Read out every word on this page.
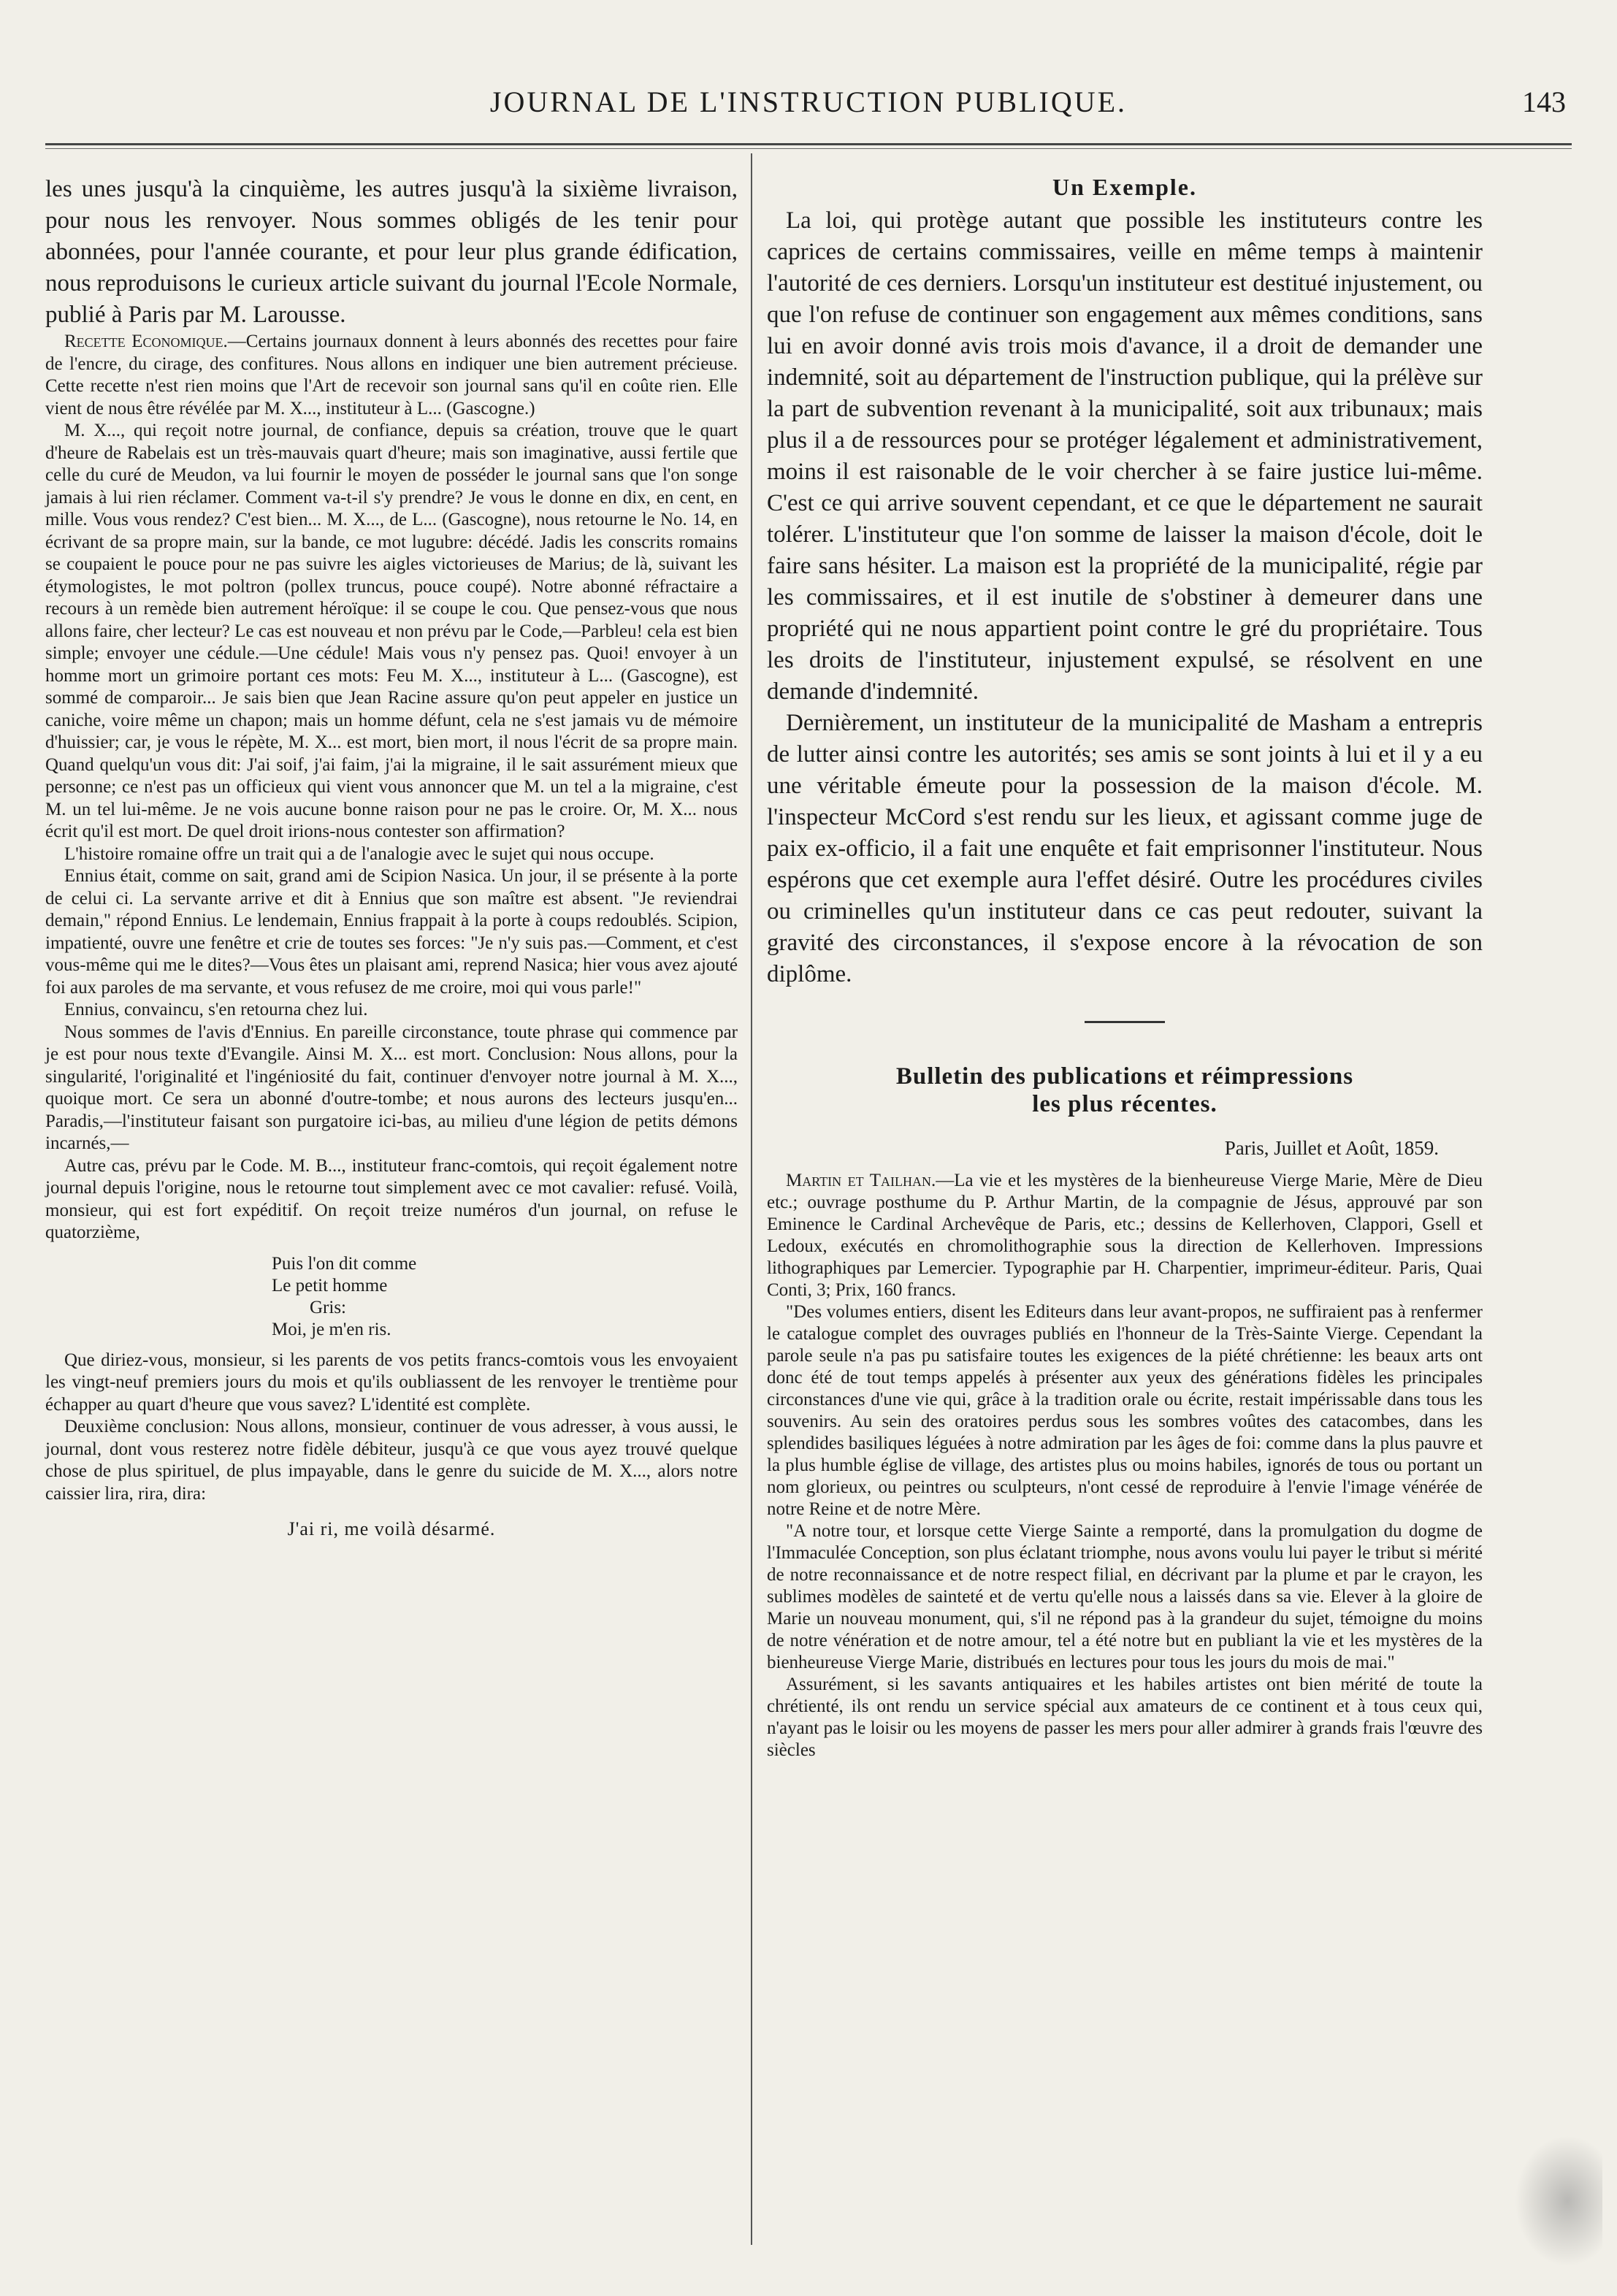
JOURNAL DE L'INSTRUCTION PUBLIQUE.	143

les unes jusqu'à la cinquième, les autres jusqu'à la sixième livraison, pour nous les renvoyer. Nous sommes obligés de les tenir pour abonnées, pour l'année courante, et pour leur plus grande édification, nous reproduisons le curieux article suivant du journal l'Ecole Normale, publié à Paris par M. Larousse.

Recette Economique.—Certains journaux donnent à leurs abonnés des recettes pour faire de l'encre, du cirage, des confitures. Nous allons en indiquer une bien autrement précieuse. Cette recette n'est rien moins que l'Art de recevoir son journal sans qu'il en coûte rien. Elle vient de nous être révélée par M. X..., instituteur à L... (Gascogne.)

M. X..., qui reçoit notre journal, de confiance, depuis sa création, trouve que le quart d'heure de Rabelais est un très-mauvais quart d'heure; mais son imaginative, aussi fertile que celle du curé de Meudon, va lui fournir le moyen de posséder le journal sans que l'on songe jamais à lui rien réclamer. Comment va-t-il s'y prendre? Je vous le donne en dix, en cent, en mille. Vous vous rendez? C'est bien... M. X..., de L... (Gascogne), nous retourne le No. 14, en écrivant de sa propre main, sur la bande, ce mot lugubre: décédé. Jadis les conscrits romains se coupaient le pouce pour ne pas suivre les aigles victorieuses de Marius; de là, suivant les étymologistes, le mot poltron (pollex truncus, pouce coupé). Notre abonné réfractaire a recours à un remède bien autrement héroïque: il se coupe le cou. Que pensez-vous que nous allons faire, cher lecteur? Le cas est nouveau et non prévu par le Code,—Parbleu! cela est bien simple; envoyer une cédule.—Une cédule! Mais vous n'y pensez pas. Quoi! envoyer à un homme mort un grimoire portant ces mots: Feu M. X..., instituteur à L... (Gascogne), est sommé de comparoir... Je sais bien que Jean Racine assure qu'on peut appeler en justice un caniche, voire même un chapon; mais un homme défunt, cela ne s'est jamais vu de mémoire d'huissier; car, je vous le répète, M. X... est mort, bien mort, il nous l'écrit de sa propre main. Quand quelqu'un vous dit: J'ai soif, j'ai faim, j'ai la migraine, il le sait assurément mieux que personne; ce n'est pas un officieux qui vient vous annoncer que M. un tel a la migraine, c'est M. un tel lui-même. Je ne vois aucune bonne raison pour ne pas le croire. Or, M. X... nous écrit qu'il est mort. De quel droit irions-nous contester son affirmation?

L'histoire romaine offre un trait qui a de l'analogie avec le sujet qui nous occupe.

Ennius était, comme on sait, grand ami de Scipion Nasica. Un jour, il se présente à la porte de celui ci. La servante arrive et dit à Ennius que son maître est absent. "Je reviendrai demain," répond Ennius. Le lendemain, Ennius frappait à la porte à coups redoublés. Scipion, impatienté, ouvre une fenêtre et crie de toutes ses forces: "Je n'y suis pas.—Comment, et c'est vous-même qui me le dites?—Vous êtes un plaisant ami, reprend Nasica; hier vous avez ajouté foi aux paroles de ma servante, et vous refusez de me croire, moi qui vous parle!"

Ennius, convaincu, s'en retourna chez lui.

Nous sommes de l'avis d'Ennius. En pareille circonstance, toute phrase qui commence par je est pour nous texte d'Evangile. Ainsi M. X... est mort. Conclusion: Nous allons, pour la singularité, l'originalité et l'ingéniosité du fait, continuer d'envoyer notre journal à M. X..., quoique mort. Ce sera un abonné d'outre-tombe; et nous aurons des lecteurs jusqu'en... Paradis,—l'instituteur faisant son purgatoire ici-bas, au milieu d'une légion de petits démons incarnés,—

Autre cas, prévu par le Code. M. B..., instituteur franc-comtois, qui reçoit également notre journal depuis l'origine, nous le retourne tout simplement avec ce mot cavalier: refusé. Voilà, monsieur, qui est fort expéditif. On reçoit treize numéros d'un journal, on refuse le quatorzième,

Puis l'on dit comme
Le petit homme
Gris:
Moi, je m'en ris.

Que diriez-vous, monsieur, si les parents de vos petits francs-comtois vous les envoyaient les vingt-neuf premiers jours du mois et qu'ils oubliassent de les renvoyer le trentième pour échapper au quart d'heure que vous savez? L'identité est complète.

Deuxième conclusion: Nous allons, monsieur, continuer de vous adresser, à vous aussi, le journal, dont vous resterez notre fidèle débiteur, jusqu'à ce que vous ayez trouvé quelque chose de plus spirituel, de plus impayable, dans le genre du suicide de M. X..., alors notre caissier lira, rira, dira:

J'ai ri, me voilà désarmé.
Un Exemple.

La loi, qui protège autant que possible les instituteurs contre les caprices de certains commissaires, veille en même temps à maintenir l'autorité de ces derniers. Lorsqu'un instituteur est destitué injustement, ou que l'on refuse de continuer son engagement aux mêmes conditions, sans lui en avoir donné avis trois mois d'avance, il a droit de demander une indemnité, soit au département de l'instruction publique, qui la prélève sur la part de subvention revenant à la municipalité, soit aux tribunaux; mais plus il a de ressources pour se protéger légalement et administrativement, moins il est raisonable de le voir chercher à se faire justice lui-même. C'est ce qui arrive souvent cependant, et ce que le département ne saurait tolérer. L'instituteur que l'on somme de laisser la maison d'école, doit le faire sans hésiter. La maison est la propriété de la municipalité, régie par les commissaires, et il est inutile de s'obstiner à demeurer dans une propriété qui ne nous appartient point contre le gré du propriétaire. Tous les droits de l'instituteur, injustement expulsé, se résolvent en une demande d'indemnité.

Dernièrement, un instituteur de la municipalité de Masham a entrepris de lutter ainsi contre les autorités; ses amis se sont joints à lui et il y a eu une véritable émeute pour la possession de la maison d'école. M. l'inspecteur McCord s'est rendu sur les lieux, et agissant comme juge de paix ex-officio, il a fait une enquête et fait emprisonner l'instituteur. Nous espérons que cet exemple aura l'effet désiré. Outre les procédures civiles ou criminelles qu'un instituteur dans ce cas peut redouter, suivant la gravité des circonstances, il s'expose encore à la révocation de son diplôme.

Bulletin des publications et réimpressions
les plus récentes.
Paris, Juillet et Août, 1859.

Martin et Tailhan.—La vie et les mystères de la bienheureuse Vierge Marie, Mère de Dieu etc.; ouvrage posthume du P. Arthur Martin, de la compagnie de Jésus, approuvé par son Eminence le Cardinal Archevêque de Paris, etc.; dessins de Kellerhoven, Clappori, Gsell et Ledoux, exécutés en chromolithographie sous la direction de Kellerhoven. Impressions lithographiques par Lemercier. Typographie par H. Charpentier, imprimeur-éditeur. Paris, Quai Conti, 3; Prix, 160 francs.

"Des volumes entiers, disent les Editeurs dans leur avant-propos, ne suffiraient pas à renfermer le catalogue complet des ouvrages publiés en l'honneur de la Très-Sainte Vierge. Cependant la parole seule n'a pas pu satisfaire toutes les exigences de la piété chrétienne: les beaux arts ont donc été de tout temps appelés à présenter aux yeux des générations fidèles les principales circonstances d'une vie qui, grâce à la tradition orale ou écrite, restait impérissable dans tous les souvenirs. Au sein des oratoires perdus sous les sombres voûtes des catacombes, dans les splendides basiliques léguées à notre admiration par les âges de foi: comme dans la plus pauvre et la plus humble église de village, des artistes plus ou moins habiles, ignorés de tous ou portant un nom glorieux, ou peintres ou sculpteurs, n'ont cessé de reproduire à l'envie l'image vénérée de notre Reine et de notre Mère.

"A notre tour, et lorsque cette Vierge Sainte a remporté, dans la promulgation du dogme de l'Immaculée Conception, son plus éclatant triomphe, nous avons voulu lui payer le tribut si mérité de notre reconnaissance et de notre respect filial, en décrivant par la plume et par le crayon, les sublimes modèles de sainteté et de vertu qu'elle nous a laissés dans sa vie. Elever à la gloire de Marie un nouveau monument, qui, s'il ne répond pas à la grandeur du sujet, témoigne du moins de notre vénération et de notre amour, tel a été notre but en publiant la vie et les mystères de la bienheureuse Vierge Marie, distribués en lectures pour tous les jours du mois de mai."

Assurément, si les savants antiquaires et les habiles artistes ont bien mérité de toute la chrétienté, ils ont rendu un service spécial aux amateurs de ce continent et à tous ceux qui, n'ayant pas le loisir ou les moyens de passer les mers pour aller admirer à grands frais l'œuvre des siècles
